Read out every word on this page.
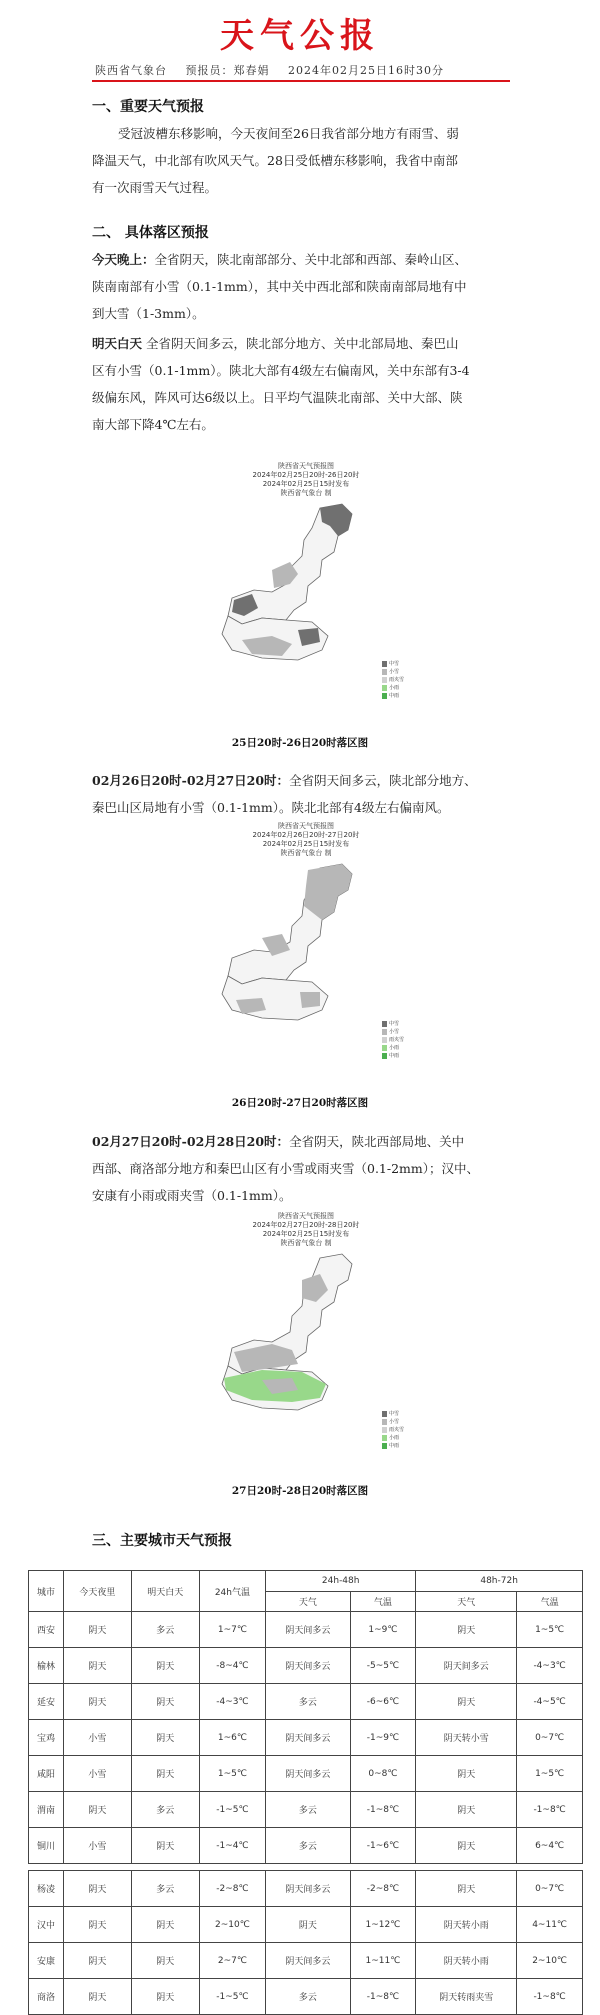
天气公报
陕西省气象台 预报员：郑春娟 2024年02月25日16时30分
一、重要天气预报
受冠波槽东移影响，今天夜间至26日我省部分地方有雨雪、弱
降温天气，中北部有吹风天气。28日受低槽东移影响，我省中南部
有一次雨雪天气过程。
二、 具体落区预报
今天晚上：全省阴天，陕北南部部分、关中北部和西部、秦岭山区、
陕南南部有小雪（0.1-1mm），其中关中西北部和陕南南部局地有中
到大雪（1-3mm）。
明天白天 全省阴天间多云，陕北部分地方、关中北部局地、秦巴山
区有小雪（0.1-1mm）。陕北大部有4级左右偏南风，关中东部有3-4
级偏东风，阵风可达6级以上。日平均气温陕北南部、关中大部、陕
南大部下降4℃左右。
陕西省天气预报图
2024年02月25日20时-26日20时
2024年02月25日15时发布
陕西省气象台 制
中雪
小雪
雨夹雪
小雨
中雨
25日20时-26日20时落区图
02月26日20时-02月27日20时：全省阴天间多云，陕北部分地方、
秦巴山区局地有小雪（0.1-1mm）。陕北北部有4级左右偏南风。
陕西省天气预报图
2024年02月26日20时-27日20时
2024年02月25日15时发布
陕西省气象台 制
中雪
小雪
雨夹雪
小雨
中雨
26日20时-27日20时落区图
02月27日20时-02月28日20时：全省阴天，陕北西部局地、关中
西部、商洛部分地方和秦巴山区有小雪或雨夹雪（0.1-2mm）；汉中、
安康有小雨或雨夹雪（0.1-1mm）。
陕西省天气预报图
2024年02月27日20时-28日20时
2024年02月25日15时发布
陕西省气象台 制
中雪
小雪
雨夹雪
小雨
中雨
27日20时-28日20时落区图
三、主要城市天气预报
城市	今天夜里	明天白天	24h气温	24h-48h		48h-72h	
				天气	气温	天气	气温
西安	阴天	多云	1~7℃	阴天间多云	1~9℃	阴天	1~5℃
榆林	阴天	阴天	-8~4℃	阴天间多云	-5~5℃	阴天间多云	-4~3℃
延安	阴天	阴天	-4~3℃	多云	-6~6℃	阴天	-4~5℃
宝鸡	小雪	阴天	1~6℃	阴天间多云	-1~9℃	阴天转小雪	0~7℃
咸阳	小雪	阴天	1~5℃	阴天间多云	0~8℃	阴天	1~5℃
渭南	阴天	多云	-1~5℃	多云	-1~8℃	阴天	-1~8℃
铜川	小雪	阴天	-1~4℃	多云	-1~6℃	阴天	6~4℃

杨凌	阴天	多云	-2~8℃	阴天间多云	-2~8℃	阴天	0~7℃
汉中	阴天	阴天	2~10℃	阴天	1~12℃	阴天转小雨	4~11℃
安康	阴天	阴天	2~7℃	阴天间多云	1~11℃	阴天转小雨	2~10℃
商洛	阴天	阴天	-1~5℃	多云	-1~8℃	阴天转雨夹雪	-1~8℃
